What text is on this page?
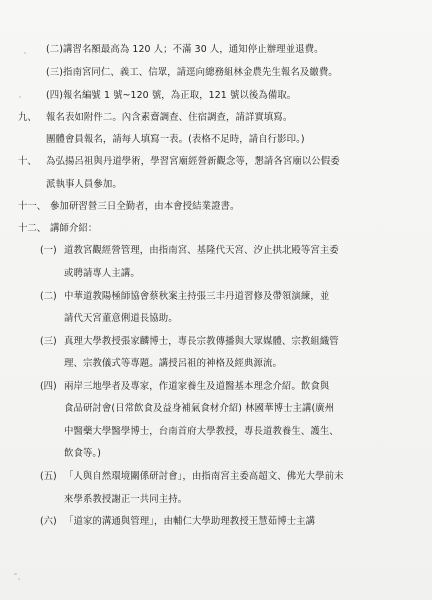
(二)講習名額最高為 120 人；不滿 30 人，通知停止辦理並退費。
(三)指南宮同仁、義工、信眾，請逕向總務組林金農先生報名及繳費。
(四)報名編號 1 號~120 號，為正取，121 號以後為備取。
九、 報名表如附件二。內含素齋調查、住宿調查，請詳實填寫。
團體會員報名，請每人填寫一表。(表格不足時，請自行影印。)
十、 為弘揚呂祖與丹道學術，學習宮廟經營新觀念等，懇請各宮廟以公假委
派執事人員參加。
十一、 參加研習營三日全勤者，由本會授結業證書。
十二、 講師介紹：
(一) 道教宮觀經營管理，由指南宮、基隆代天宮、汐止拱北殿等宮主委
或聘請專人主講。
(二) 中華道教陽極師協會蔡秋案主持張三丰丹道習修及帶領演練，並
請代天宮董意俐道長協助。
(三) 真理大學教授張家麟博士，專長宗教傳播與大眾媒體、宗教組織管
理、宗教儀式等專題。講授呂祖的神格及經典源流。
(四) 兩岸三地學者及專家，作道家養生及道醫基本理念介紹。飲食與
食品研討會(日常飲食及益身補氣食材介紹) 林國華博士主講(廣州
中醫藥大學醫學博士，台南首府大學教授，專長道教養生、護生、
飲食等。)
(五) 「人與自然環境關係研討會」，由指南宮主委高超文、佛光大學前未
來學系教授謝正一共同主持。
(六) 「道家的溝通與管理」，由輔仁大學助理教授王慧茹博士主講
